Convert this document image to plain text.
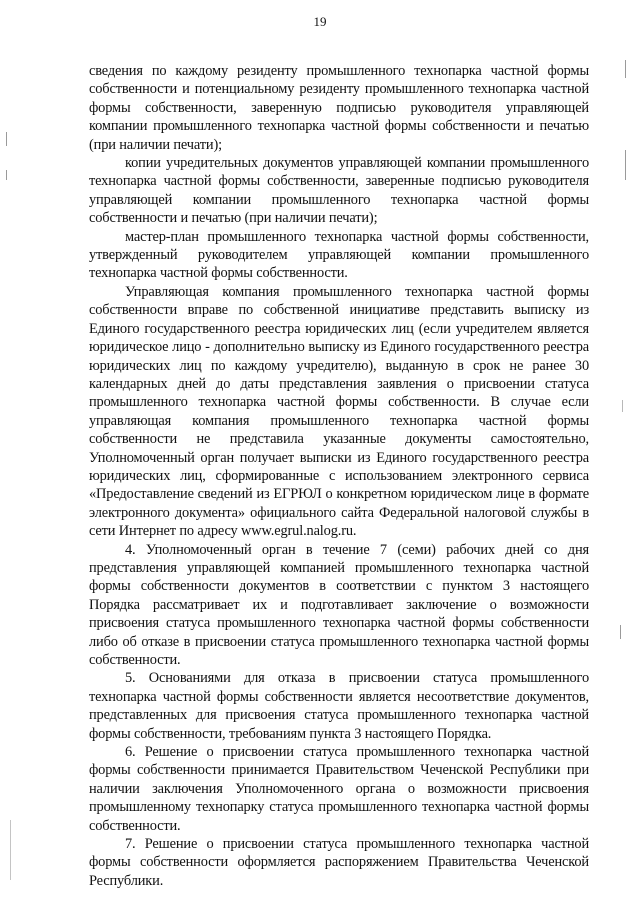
19

сведения по каждому резиденту промышленного технопарка частной формы собственности и потенциальному резиденту промышленного технопарка частной формы собственности, заверенную подписью руководителя управляющей компании промышленного технопарка частной формы собственности и печатью (при наличии печати);

копии учредительных документов управляющей компании промышленного технопарка частной формы собственности, заверенные подписью руководителя управляющей компании промышленного технопарка частной формы собственности и печатью (при наличии печати);

мастер-план промышленного технопарка частной формы собственности, утвержденный руководителем управляющей компании промышленного технопарка частной формы собственности.

Управляющая компания промышленного технопарка частной формы собственности вправе по собственной инициативе представить выписку из Единого государственного реестра юридических лиц (если учредителем является юридическое лицо - дополнительно выписку из Единого государственного реестра юридических лиц по каждому учредителю), выданную в срок не ранее 30 календарных дней до даты представления заявления о присвоении статуса промышленного технопарка частной формы собственности. В случае если управляющая компания промышленного технопарка частной формы собственности не представила указанные документы самостоятельно, Уполномоченный орган получает выписки из Единого государственного реестра юридических лиц, сформированные с использованием электронного сервиса «Предоставление сведений из ЕГРЮЛ о конкретном юридическом лице в формате электронного документа» официального сайта Федеральной налоговой службы в сети Интернет по адресу www.egrul.nalog.ru.

4. Уполномоченный орган в течение 7 (семи) рабочих дней со дня представления управляющей компанией промышленного технопарка частной формы собственности документов в соответствии с пунктом 3 настоящего Порядка рассматривает их и подготавливает заключение о возможности присвоения статуса промышленного технопарка частной формы собственности либо об отказе в присвоении статуса промышленного технопарка частной формы собственности.

5. Основаниями для отказа в присвоении статуса промышленного технопарка частной формы собственности является несоответствие документов, представленных для присвоения статуса промышленного технопарка частной формы собственности, требованиям пункта 3 настоящего Порядка.

6. Решение о присвоении статуса промышленного технопарка частной формы собственности принимается Правительством Чеченской Республики при наличии заключения Уполномоченного органа о возможности присвоения промышленному технопарку статуса промышленного технопарка частной формы собственности.

7. Решение о присвоении статуса промышленного технопарка частной формы собственности оформляется распоряжением Правительства Чеченской Республики.
